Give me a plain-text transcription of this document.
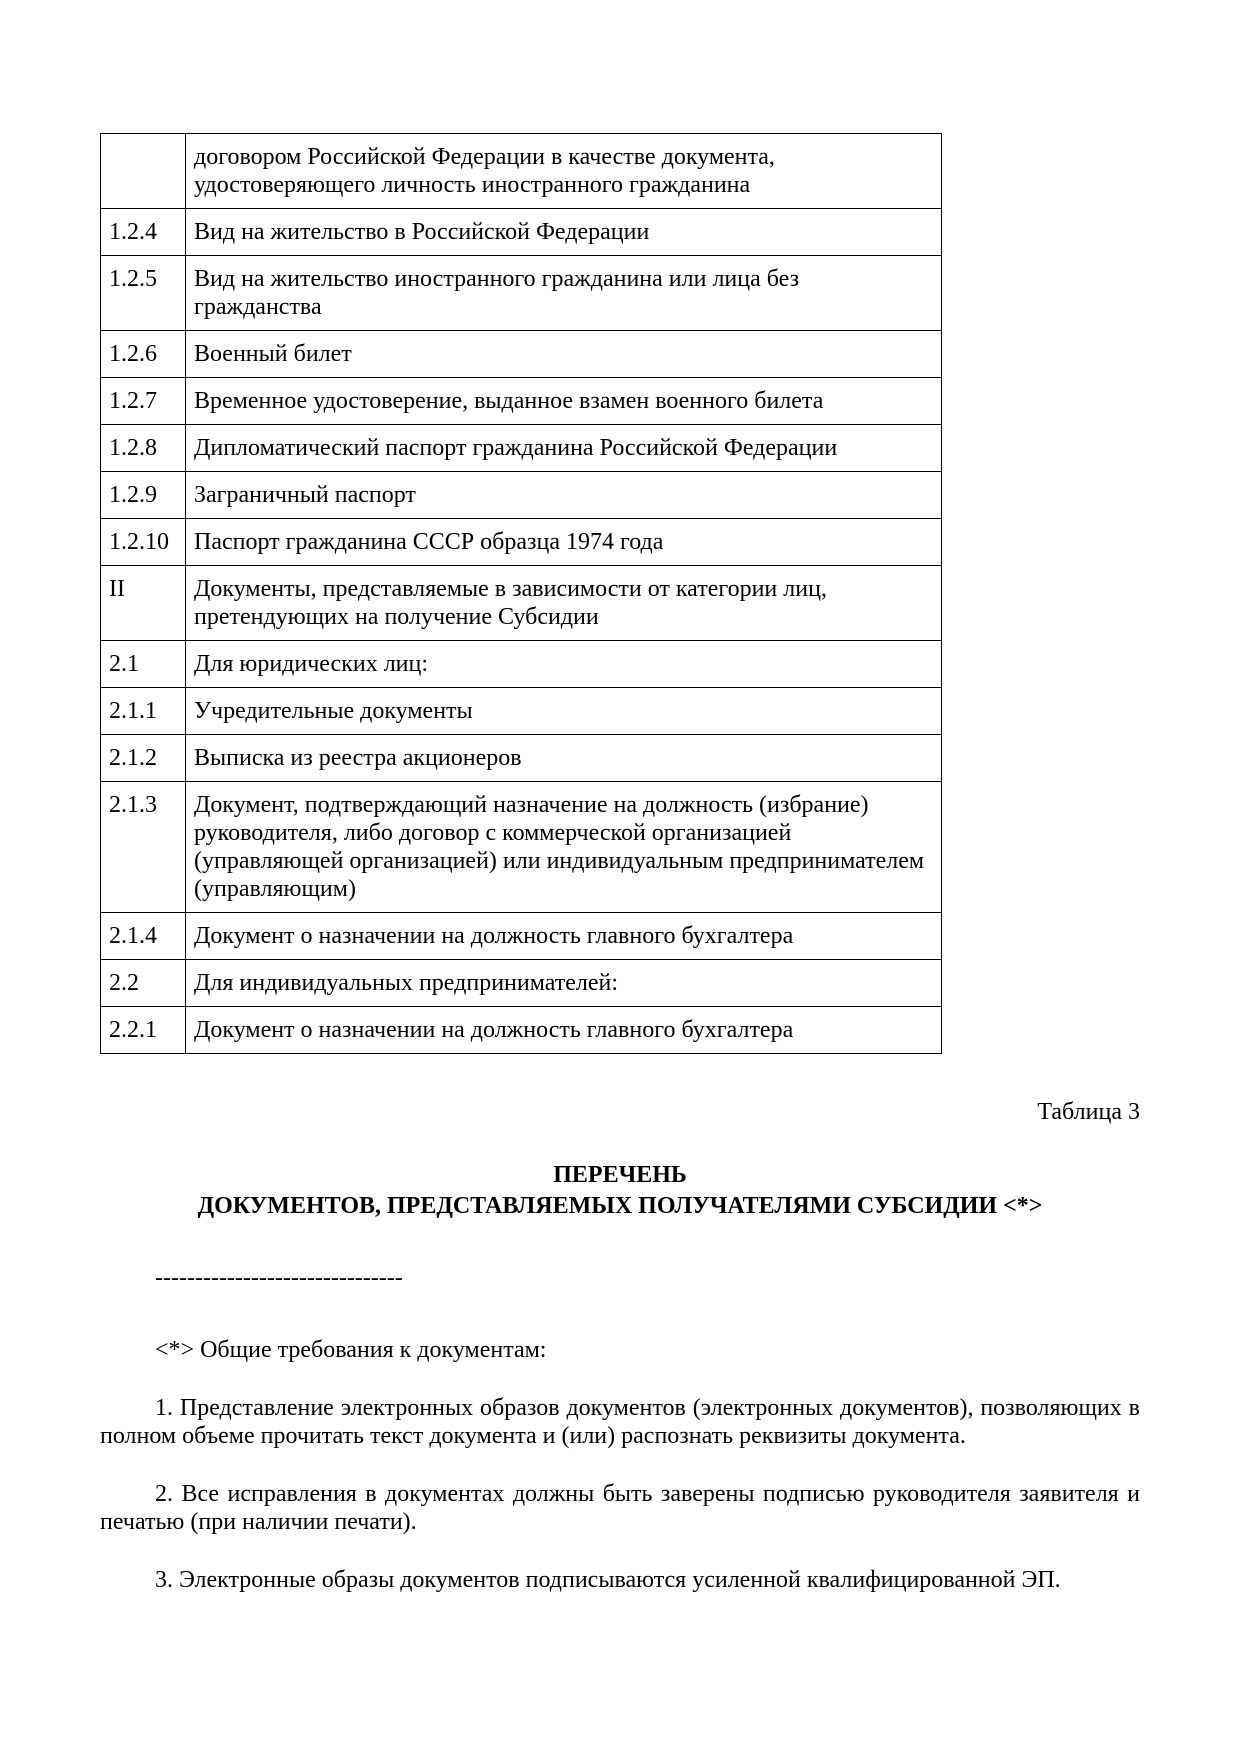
	договором Российской Федерации в качестве документа, удостоверяющего личность иностранного гражданина
1.2.4	Вид на жительство в Российской Федерации
1.2.5	Вид на жительство иностранного гражданина или лица без гражданства
1.2.6	Военный билет
1.2.7	Временное удостоверение, выданное взамен военного билета
1.2.8	Дипломатический паспорт гражданина Российской Федерации
1.2.9	Заграничный паспорт
1.2.10	Паспорт гражданина СССР образца 1974 года
II	Документы, представляемые в зависимости от категории лиц, претендующих на получение Субсидии
2.1	Для юридических лиц:
2.1.1	Учредительные документы
2.1.2	Выписка из реестра акционеров
2.1.3	Документ, подтверждающий назначение на должность (избрание) руководителя, либо договор с коммерческой организацией (управляющей организацией) или индивидуальным предпринимателем (управляющим)
2.1.4	Документ о назначении на должность главного бухгалтера
2.2	Для индивидуальных предпринимателей:
2.2.1	Документ о назначении на должность главного бухгалтера
Таблица 3
ПЕРЕЧЕНЬ
ДОКУМЕНТОВ, ПРЕДСТАВЛЯЕМЫХ ПОЛУЧАТЕЛЯМИ СУБСИДИИ <*>
-------------------------------
<*> Общие требования к документам:

1. Представление электронных образов документов (электронных документов), позволяющих в полном объеме прочитать текст документа и (или) распознать реквизиты документа.

2. Все исправления в документах должны быть заверены подписью руководителя заявителя и печатью (при наличии печати).

3. Электронные образы документов подписываются усиленной квалифицированной ЭП.
